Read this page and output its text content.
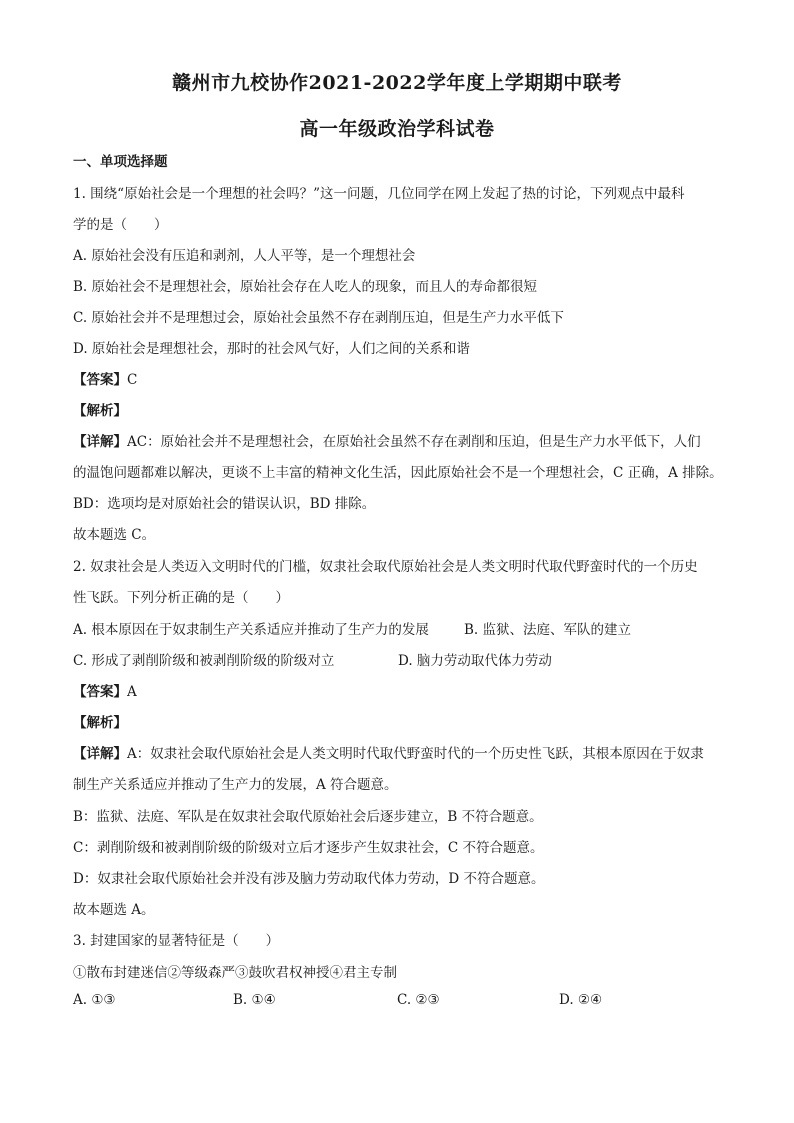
赣州市九校协作2021-2022学年度上学期期中联考
高一年级政治学科试卷
一、单项选择题
1. 围绕“原始社会是一个理想的社会吗？”这一问题，几位同学在网上发起了热的讨论，下列观点中最科
学的是（　　）
A. 原始社会没有压追和剥剂，人人平等，是一个理想社会
B. 原始社会不是理想社会，原始社会存在人吃人的现象，而且人的寿命都很短
C. 原始社会并不是理想过会，原始社会虽然不存在剥削压迫，但是生产力水平低下
D. 原始社会是理想社会，那时的社会风气好，人们之间的关系和谐
【答案】C
【解析】
【详解】AC：原始社会并不是理想社会，在原始社会虽然不存在剥削和压迫，但是生产力水平低下，人们
的温饱问题都难以解决，更谈不上丰富的精神文化生活，因此原始社会不是一个理想社会，C 正确，A 排除。
BD：选项均是对原始社会的错误认识，BD 排除。
故本题选 C。
2. 奴隶社会是人类迈入文明时代的门槛，奴隶社会取代原始社会是人类文明时代取代野蛮时代的一个历史
性飞跃。下列分析正确的是（　　）
A. 根本原因在于奴隶制生产关系适应并推动了生产力的发展	B. 监狱、法庭、军队的建立
C. 形成了剥削阶级和被剥削阶级的阶级对立	D. 脑力劳动取代体力劳动
【答案】A
【解析】
【详解】A：奴隶社会取代原始社会是人类文明时代取代野蛮时代的一个历史性飞跃，其根本原因在于奴隶
制生产关系适应并推动了生产力的发展，A 符合题意。
B：监狱、法庭、军队是在奴隶社会取代原始社会后逐步建立，B 不符合题意。
C：剥削阶级和被剥削阶级的阶级对立后才逐步产生奴隶社会，C 不符合题意。
D：奴隶社会取代原始社会并没有涉及脑力劳动取代体力劳动，D 不符合题意。
故本题选 A。
3. 封建国家的显著特征是（　　）
①散布封建迷信②等级森严③鼓吹君权神授④君主专制
A. ①③	B. ①④	C. ②③	D. ②④
